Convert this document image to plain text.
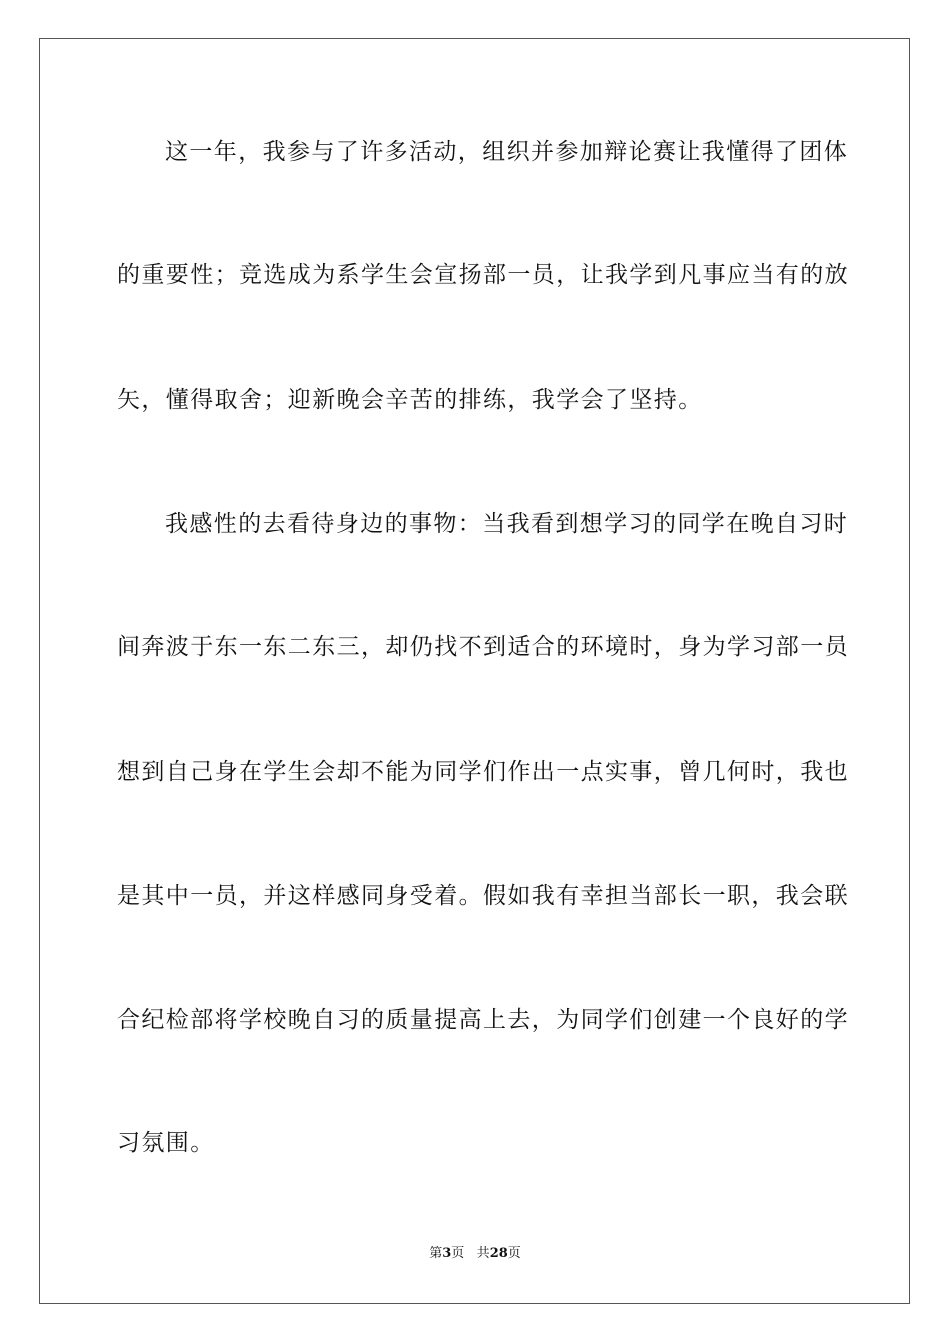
这一年，我参与了许多活动，组织并参加辩论赛让我懂得了团体
的重要性；竞选成为系学生会宣扬部一员，让我学到凡事应当有的放
矢，懂得取舍；迎新晚会辛苦的排练，我学会了坚持。
我感性的去看待身边的事物：当我看到想学习的同学在晚自习时
间奔波于东一东二东三，却仍找不到适合的环境时，身为学习部一员
想到自己身在学生会却不能为同学们作出一点实事，曾几何时，我也
是其中一员，并这样感同身受着。假如我有幸担当部长一职，我会联
合纪检部将学校晚自习的质量提高上去，为同学们创建一个良好的学
习氛围。
第3页 共28页
